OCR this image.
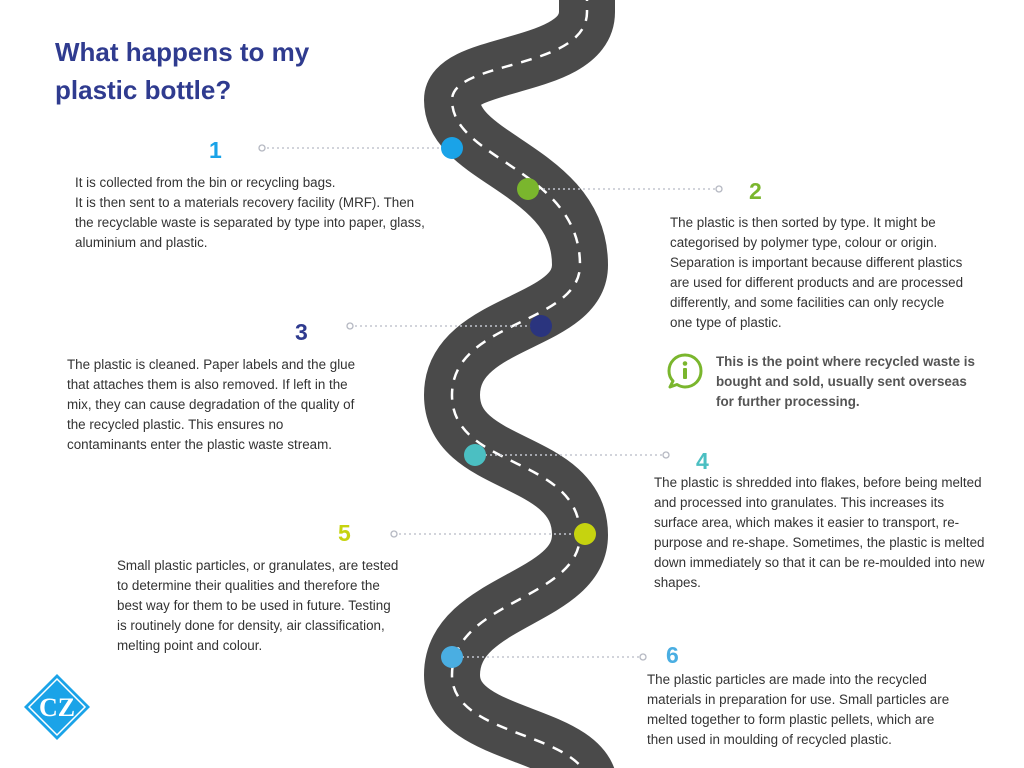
What happens to my plastic bottle?
1

It is collected from the bin or recycling bags.
It is then sent to a materials recovery facility (MRF). Then the recyclable waste is separated by type into paper, glass, aluminium and plastic.

2

The plastic is then sorted by type. It might be categorised by polymer type, colour or origin. Separation is important because different plastics are used for different products and are processed differently, and some facilities can only recycle one type of plastic.

3

The plastic is cleaned. Paper labels and the glue that attaches them is also removed. If left in the mix, they can cause degradation of the quality of the recycled plastic. This ensures no contaminants enter the plastic waste stream.

This is the point where recycled waste is bought and sold, usually sent overseas for further processing.
4

The plastic is shredded into flakes, before being melted and processed into granulates. This increases its surface area, which makes it easier to transport, re-purpose and re-shape. Sometimes, the plastic is melted down immediately so that it can be re-moulded into new shapes.

5

Small plastic particles, or granulates, are tested to determine their qualities and therefore the best way for them to be used in future. Testing is routinely done for density, air classification, melting point and colour.	6

The plastic particles are made into the recycled materials in preparation for use. Small particles are melted together to form plastic pellets, which are then used in moulding of recycled plastic.

CZ
